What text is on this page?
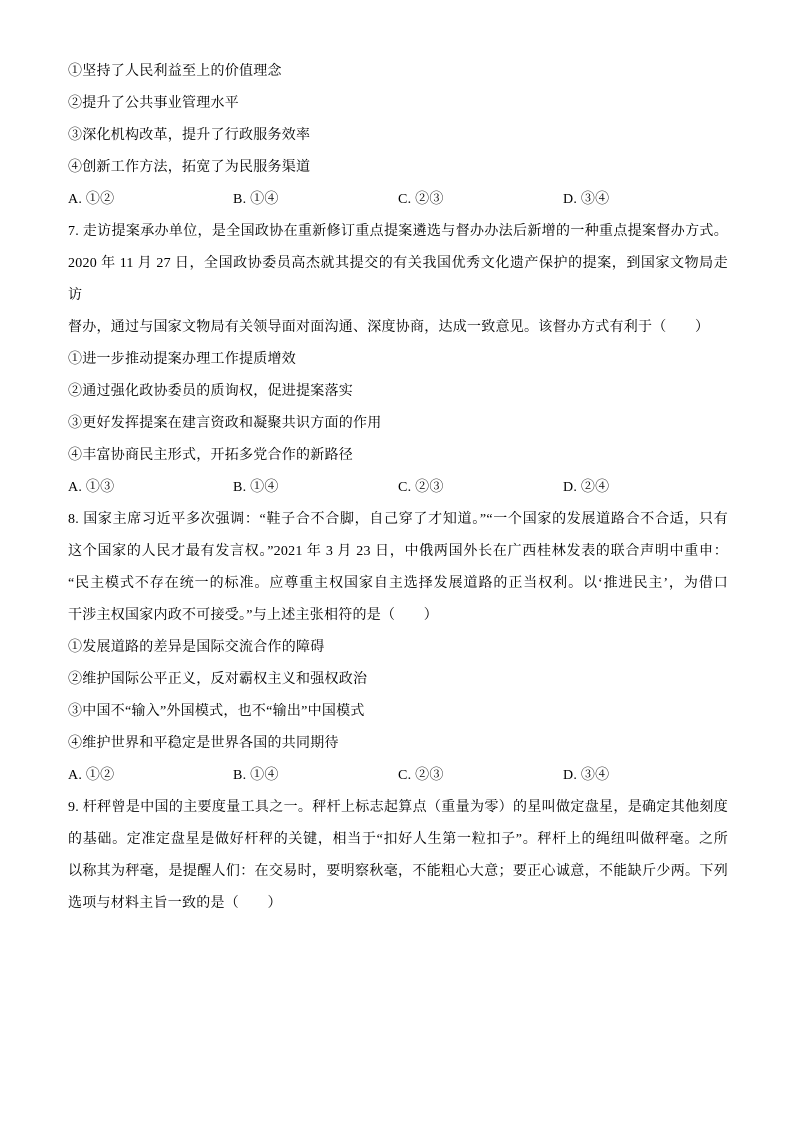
①坚持了人民利益至上的价值理念
②提升了公共事业管理水平
③深化机构改革，提升了行政服务效率
④创新工作方法，拓宽了为民服务渠道
A. ①②	B. ①④	C. ②③	D. ③④
7. 走访提案承办单位，是全国政协在重新修订重点提案遴选与督办办法后新增的一种重点提案督办方式。
2020 年 11 月 27 日，全国政协委员高杰就其提交的有关我国优秀文化遗产保护的提案，到国家文物局走访
督办，通过与国家文物局有关领导面对面沟通、深度协商，达成一致意见。该督办方式有利于（　　）
①进一步推动提案办理工作提质增效
②通过强化政协委员的质询权，促进提案落实
③更好发挥提案在建言资政和凝聚共识方面的作用
④丰富协商民主形式，开拓多党合作的新路径
A. ①③	B. ①④	C. ②③	D. ②④
8. 国家主席习近平多次强调：“鞋子合不合脚，自己穿了才知道。”“一个国家的发展道路合不合适，只有
这个国家的人民才最有发言权。”2021 年 3 月 23 日，中俄两国外长在广西桂林发表的联合声明中重申：
“民主模式不存在统一的标准。应尊重主权国家自主选择发展道路的正当权利。以‘推进民主’，为借口
干涉主权国家内政不可接受。”与上述主张相符的是（　　）
①发展道路的差异是国际交流合作的障碍
②维护国际公平正义，反对霸权主义和强权政治
③中国不“输入”外国模式，也不“输出”中国模式
④维护世界和平稳定是世界各国的共同期待
A. ①②	B. ①④	C. ②③	D. ③④
9. 杆秤曾是中国的主要度量工具之一。秤杆上标志起算点（重量为零）的星叫做定盘星，是确定其他刻度
的基础。定准定盘星是做好杆秤的关键，相当于“扣好人生第一粒扣子”。秤杆上的绳纽叫做秤毫。之所
以称其为秤毫，是提醒人们：在交易时，要明察秋毫，不能粗心大意；要正心诚意，不能缺斤少两。下列
选项与材料主旨一致的是（　　）
